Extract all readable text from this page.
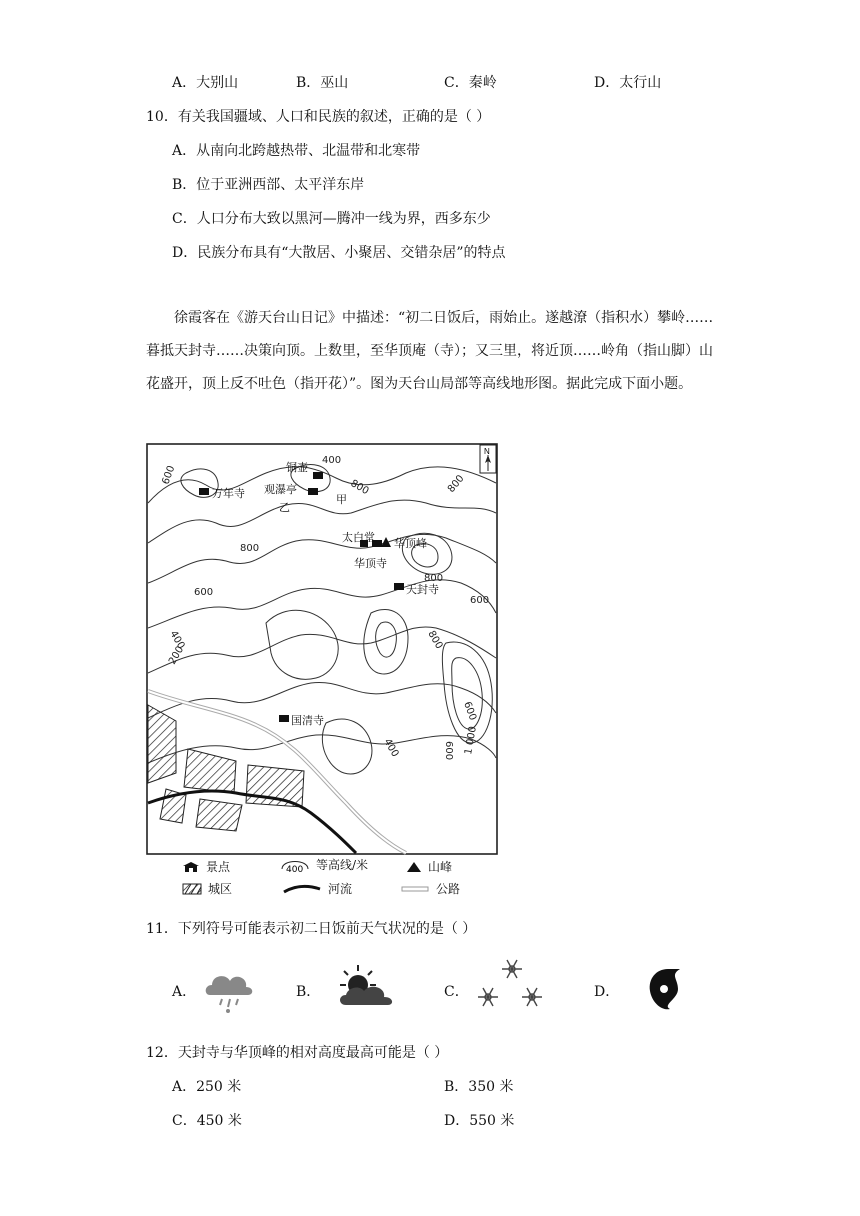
A．大别山	B．巫山	C．秦岭	D．太行山
10．有关我国疆域、人口和民族的叙述，正确的是（ ）
A．从南向北跨越热带、北温带和北寒带
B．位于亚洲西部、太平洋东岸
C．人口分布大致以黑河—腾冲一线为界，西多东少
D．民族分布具有“大散居、小聚居、交错杂居”的特点

徐霞客在《游天台山日记》中描述：“初二日饭后，雨始止。遂越潦（指积水）攀岭……暮抵天封寺……决策向顶。上数里，至华顶庵（寺）；又三里，将近顶……岭角（指山脚）山花盛开，顶上反不吐色（指开花）”。图为天台山局部等高线地形图。据此完成下面小题。

N
铜壶
万年寺 观瀑亭
乙
甲
太白堂 华顶峰
华顶寺
天封寺
国清寺
400
600
800	800
800
600
600
800
400
200
400	600 1 000
800
600
景点	400 等高线/米	山峰
城区	河流	公路
11．下列符号可能表示初二日饭前天气状况的是（ ）
A．	B．	C．	D．
12．天封寺与华顶峰的相对高度最高可能是（ ）
A．250 米	B．350 米
C．450 米	D．550 米
